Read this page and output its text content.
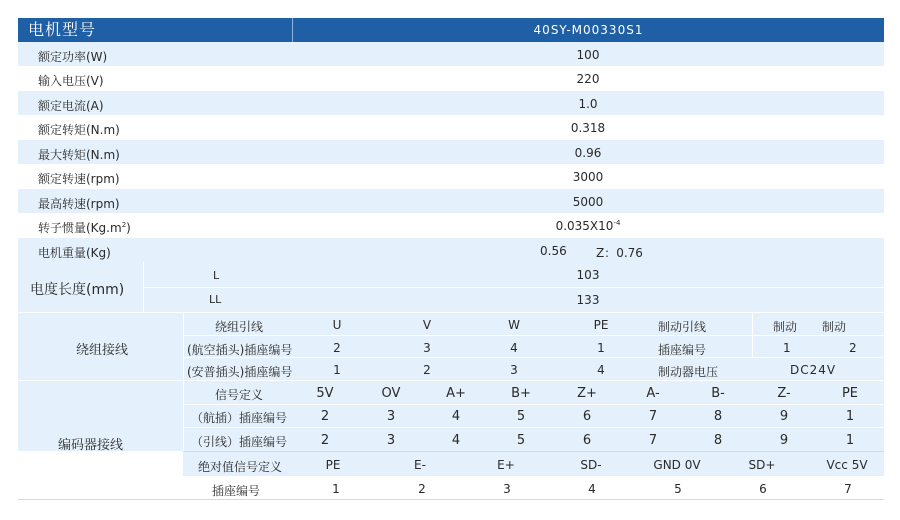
电机型号	40SY-M00330S1
额定功率(W)	100
输入电压(V)	220
额定电流(A)	1.0
额定转矩(N.m)	0.318
最大转矩(N.m)	0.96
额定转速(rpm)	3000
最高转速(rpm)	5000
转子惯量$(Kg.m^2)$	$0.035X10^{-4}$
电机重量(Kg)	0.56 Z：0.76
电度长度(mm)
L	103
LL	133
绕组接线
绕组引线	U	V	W	PE	制动引线	制动 制动
(航空插头)插座编号	2	3	4	1	插座编号	1	2
(安普插头)插座编号	1	2	3	4	制动器电压	DC24V
编码器接线
信号定义	5V	OV	A+	B+	Z+	A-	B-	Z-	PE
（航插）插座编号	2	3	4	5	6	7	8	9	1
（引线）插座编号	2	3	4	5	6	7	8	9	1
绝对值信号定义	PE	E-	E+	SD-	GND 0V	SD+	Vcc 5V
插座编号	1	2	3	4	5	6	7
